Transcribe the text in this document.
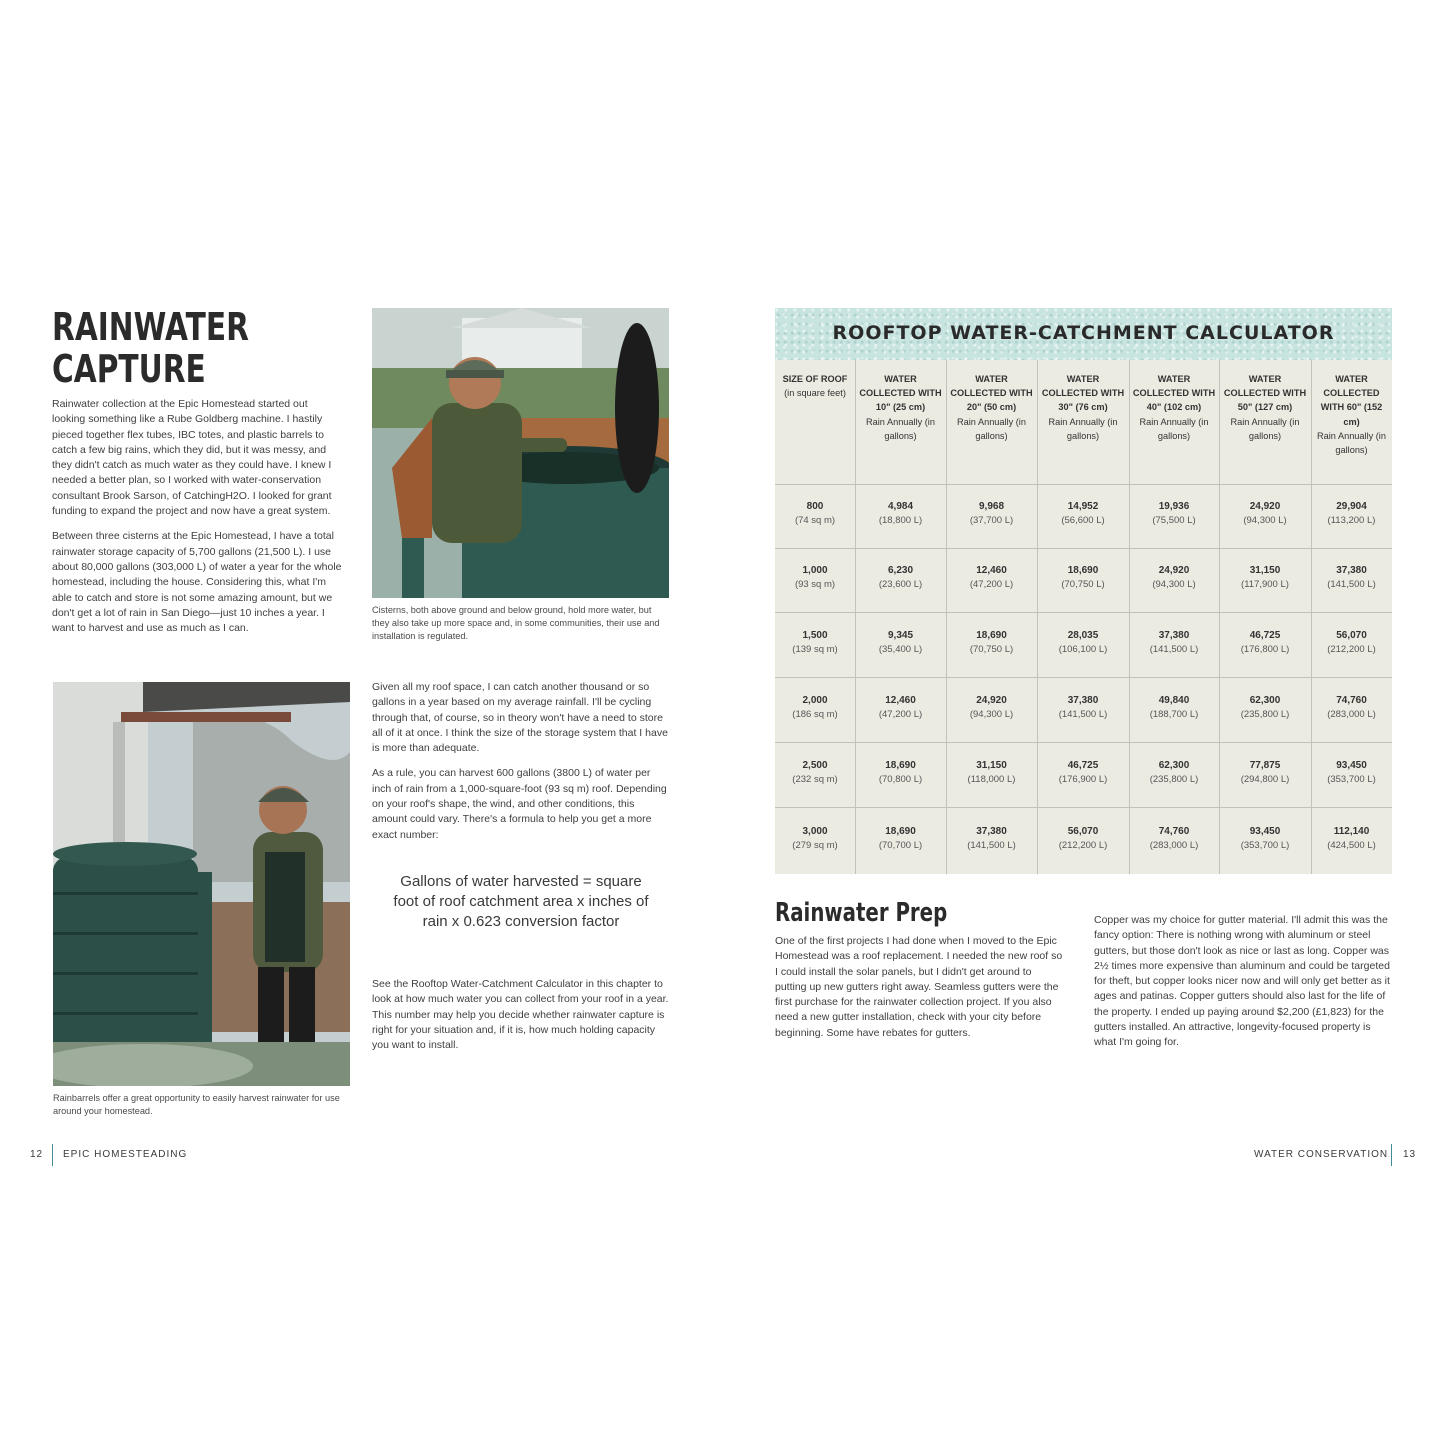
RAINWATER
CAPTURE

Rainwater collection at the Epic Homestead started out looking something like a Rube Goldberg machine. I hastily pieced together flex tubes, IBC totes, and plastic barrels to catch a few big rains, which they did, but it was messy, and they didn't catch as much water as they could have. I knew I needed a better plan, so I worked with water-conservation consultant Brook Sarson, of CatchingH2O. I looked for grant funding to expand the project and now have a great system.

Between three cisterns at the Epic Homestead, I have a total rainwater storage capacity of 5,700 gallons (21,500 L). I use about 80,000 gallons (303,000 L) of water a year for the whole homestead, including the house. Considering this, what I'm able to catch and store is not some amazing amount, but we don't get a lot of rain in San Diego—just 10 inches a year. I want to harvest and use as much as I can.

Cisterns, both above ground and below ground, hold more water, but they also take up more space and, in some communities, their use and installation is regulated.

Rainbarrels offer a great opportunity to easily harvest rainwater for use around your homestead.

Given all my roof space, I can catch another thousand or so gallons in a year based on my average rainfall. I'll be cycling through that, of course, so in theory won't have a need to store all of it at once. I think the size of the storage system that I have is more than adequate.

As a rule, you can harvest 600 gallons (3800 L) of water per inch of rain from a 1,000-square-foot (93 sq m) roof. Depending on your roof's shape, the wind, and other conditions, this amount could vary. There's a formula to help you get a more exact number:

Gallons of water harvested = square foot of roof catchment area x inches of rain x 0.623 conversion factor

See the Rooftop Water-Catchment Calculator in this chapter to look at how much water you can collect from your roof in a year. This number may help you decide whether rainwater capture is right for your situation and, if it is, how much holding capacity you want to install.

12 EPIC HOMESTEADING
ROOFTOP WATER-CATCHMENT CALCULATOR
SIZE OF ROOF
(in square feet)
WATER COLLECTED WITH 10" (25 cm)
Rain Annually (in gallons)
WATER COLLECTED WITH 20" (50 cm)
Rain Annually (in gallons)
WATER COLLECTED WITH 30" (76 cm)
Rain Annually (in gallons)
WATER COLLECTED WITH 40" (102 cm)
Rain Annually (in gallons)
WATER COLLECTED WITH 50" (127 cm)
Rain Annually (in gallons)
WATER COLLECTED WITH 60" (152 cm)
Rain Annually (in gallons)
800
(74 sq m)
4,984
(18,800 L)
9,968
(37,700 L)
14,952
(56,600 L)
19,936
(75,500 L)
24,920
(94,300 L)
29,904
(113,200 L)
1,000
(93 sq m)
6,230
(23,600 L)
12,460
(47,200 L)
18,690
(70,750 L)
24,920
(94,300 L)
31,150
(117,900 L)
37,380
(141,500 L)
1,500
(139 sq m)
9,345
(35,400 L)
18,690
(70,750 L)
28,035
(106,100 L)
37,380
(141,500 L)
46,725
(176,800 L)
56,070
(212,200 L)
2,000
(186 sq m)
12,460
(47,200 L)
24,920
(94,300 L)
37,380
(141,500 L)
49,840
(188,700 L)
62,300
(235,800 L)
74,760
(283,000 L)
2,500
(232 sq m)
18,690
(70,800 L)
31,150
(118,000 L)
46,725
(176,900 L)
62,300
(235,800 L)
77,875
(294,800 L)
93,450
(353,700 L)
3,000
(279 sq m)
18,690
(70,700 L)
37,380
(141,500 L)
56,070
(212,200 L)
74,760
(283,000 L)
93,450
(353,700 L)
112,140
(424,500 L)
Rainwater Prep

One of the first projects I had done when I moved to the Epic Homestead was a roof replacement. I needed the new roof so I could install the solar panels, but I didn't get around to putting up new gutters right away. Seamless gutters were the first purchase for the rainwater collection project. If you also need a new gutter installation, check with your city before beginning. Some have rebates for gutters.

Copper was my choice for gutter material. I'll admit this was the fancy option: There is nothing wrong with aluminum or steel gutters, but those don't look as nice or last as long. Copper was 2½ times more expensive than aluminum and could be targeted for theft, but copper looks nicer now and will only get better as it ages and patinas. Copper gutters should also last for the life of the property. I ended up paying around $2,200 (£1,823) for the gutters installed. An attractive, longevity-focused property is what I'm going for.

WATER CONSERVATION 13
